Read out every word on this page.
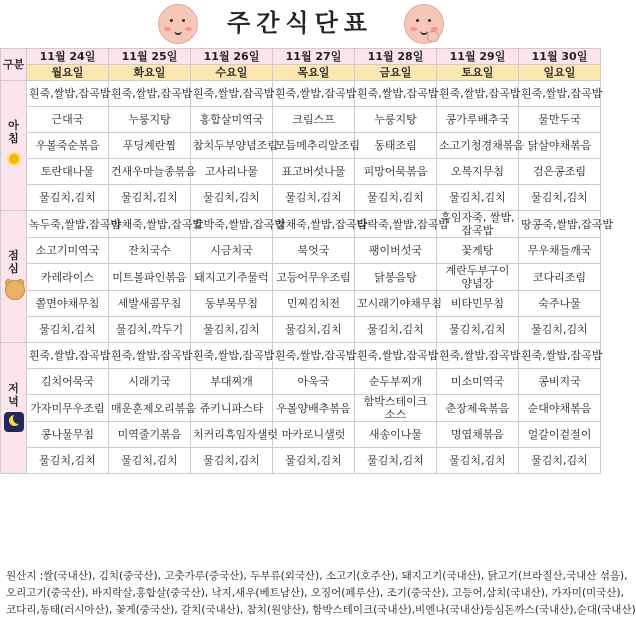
주간식단표
구분	11월 24일	11월 25일	11월 26일	11월 27일	11월 28일	11월 29일	11월 30일
	월요일	화요일	수요일	목요일	금요일	토요일	일요일

아침	흰죽,쌀밥,잡곡밥	흰죽,쌀밥,잡곡밥	흰죽,쌀밥,잡곡밥	흰죽,쌀밥,잡곡밥	흰죽,쌀밥,잡곡밥	흰죽,쌀밥,잡곡밥	흰죽,쌀밥,잡곡밥
	근대국	누룽지탕	홍합살미역국	크림스프	누룽지탕	콩가루배추국	물만두국
	우볼죽순볶음	푸딩계란찜	참치두부양념조림	모듬메추리알조림	동태조림	소고기청경채볶음	닭살야채볶음
	토란대나물	건새우마늘종볶음	고사리나물	표고버섯나물	피망어묵볶음	오복지무침	검은콩조림
	물김치,김치	물김치,김치	물김치,김치	물김치,김치	물김치,김치	물김치,김치	물김치,김치

점심	녹두죽,쌀밥,잡곡밥	야채죽,쌀밥,잡곡밥	호박죽,쌀밥,잡곡밥	청채죽,쌀밥,잡곡밥	타락죽,쌀밥,잡곡밥	흑임자죽, 쌀밥,잡곡밥	땅콩죽,쌀밥,잡곡밥
	소고기미역국	잔치국수	시금치국	북엇국	팽이버섯국	꽃게탕	무우채들깨국
	카레라이스	미트볼파인볶음	돼지고기주물럭	고등어무우조림	닭봉음탕	계란두부구이 양념장	코다리조림
	쫄면야채무침	세발새콤무침	동부묵무침	민찌김치전	꼬시래기야채무침	비타민무침	숙주나물
	물김치,김치	물김치,깍두기	물김치,김치	물김치,김치	물김치,김치	물김치,김치	물김치,김치

저녁	흰죽,쌀밥,잡곡밥	흰죽,쌀밥,잡곡밥	흰죽,쌀밥,잡곡밥	흰죽,쌀밥,잡곡밥	흰죽,쌀밥,잡곡밥	흰죽,쌀밥,잡곡밥	흰죽,쌀밥,잡곡밥
	김치어묵국	시래기국	부대찌개	아욱국	순두부찌개	미소미역국	콩비지국
	가자미무우조림	매운훈제오리볶음	쥬키니파스타	우볼양배추볶음	함박스테이크 소스	춘장제육볶음	순대야채볶음
	콩나물무침	미역줄기볶음	치커리흑임자샐럿	마카로니샐럿	새송이나물	명엽채볶음	얼갈이겉절이
	물김치,김치	물김치,김치	물김치,김치	물김치,김치	물김치,김치	물김치,김치	물김치,김치

원산지 :쌀(국내산), 김치(중국산), 고춧가루(중국산), 두부류(외국산), 소고기(호주산), 돼지고기(국내산), 닭고기(브라질산,국내산 섞음),

오리고기(중국산), 바지락살,홍합살(중국산), 낙지,새우(베트남산), 오징어(페루산), 조기(중국산), 고등어,삼치(국내산), 가자미(미국산),

코다리,동태(러시아산), 꽃게(중국산), 갈치(국내산), 참치(원양산), 함박스테이크(국내산),비엔나(국내산)등심돈까스(국내산),순대(국내산)
